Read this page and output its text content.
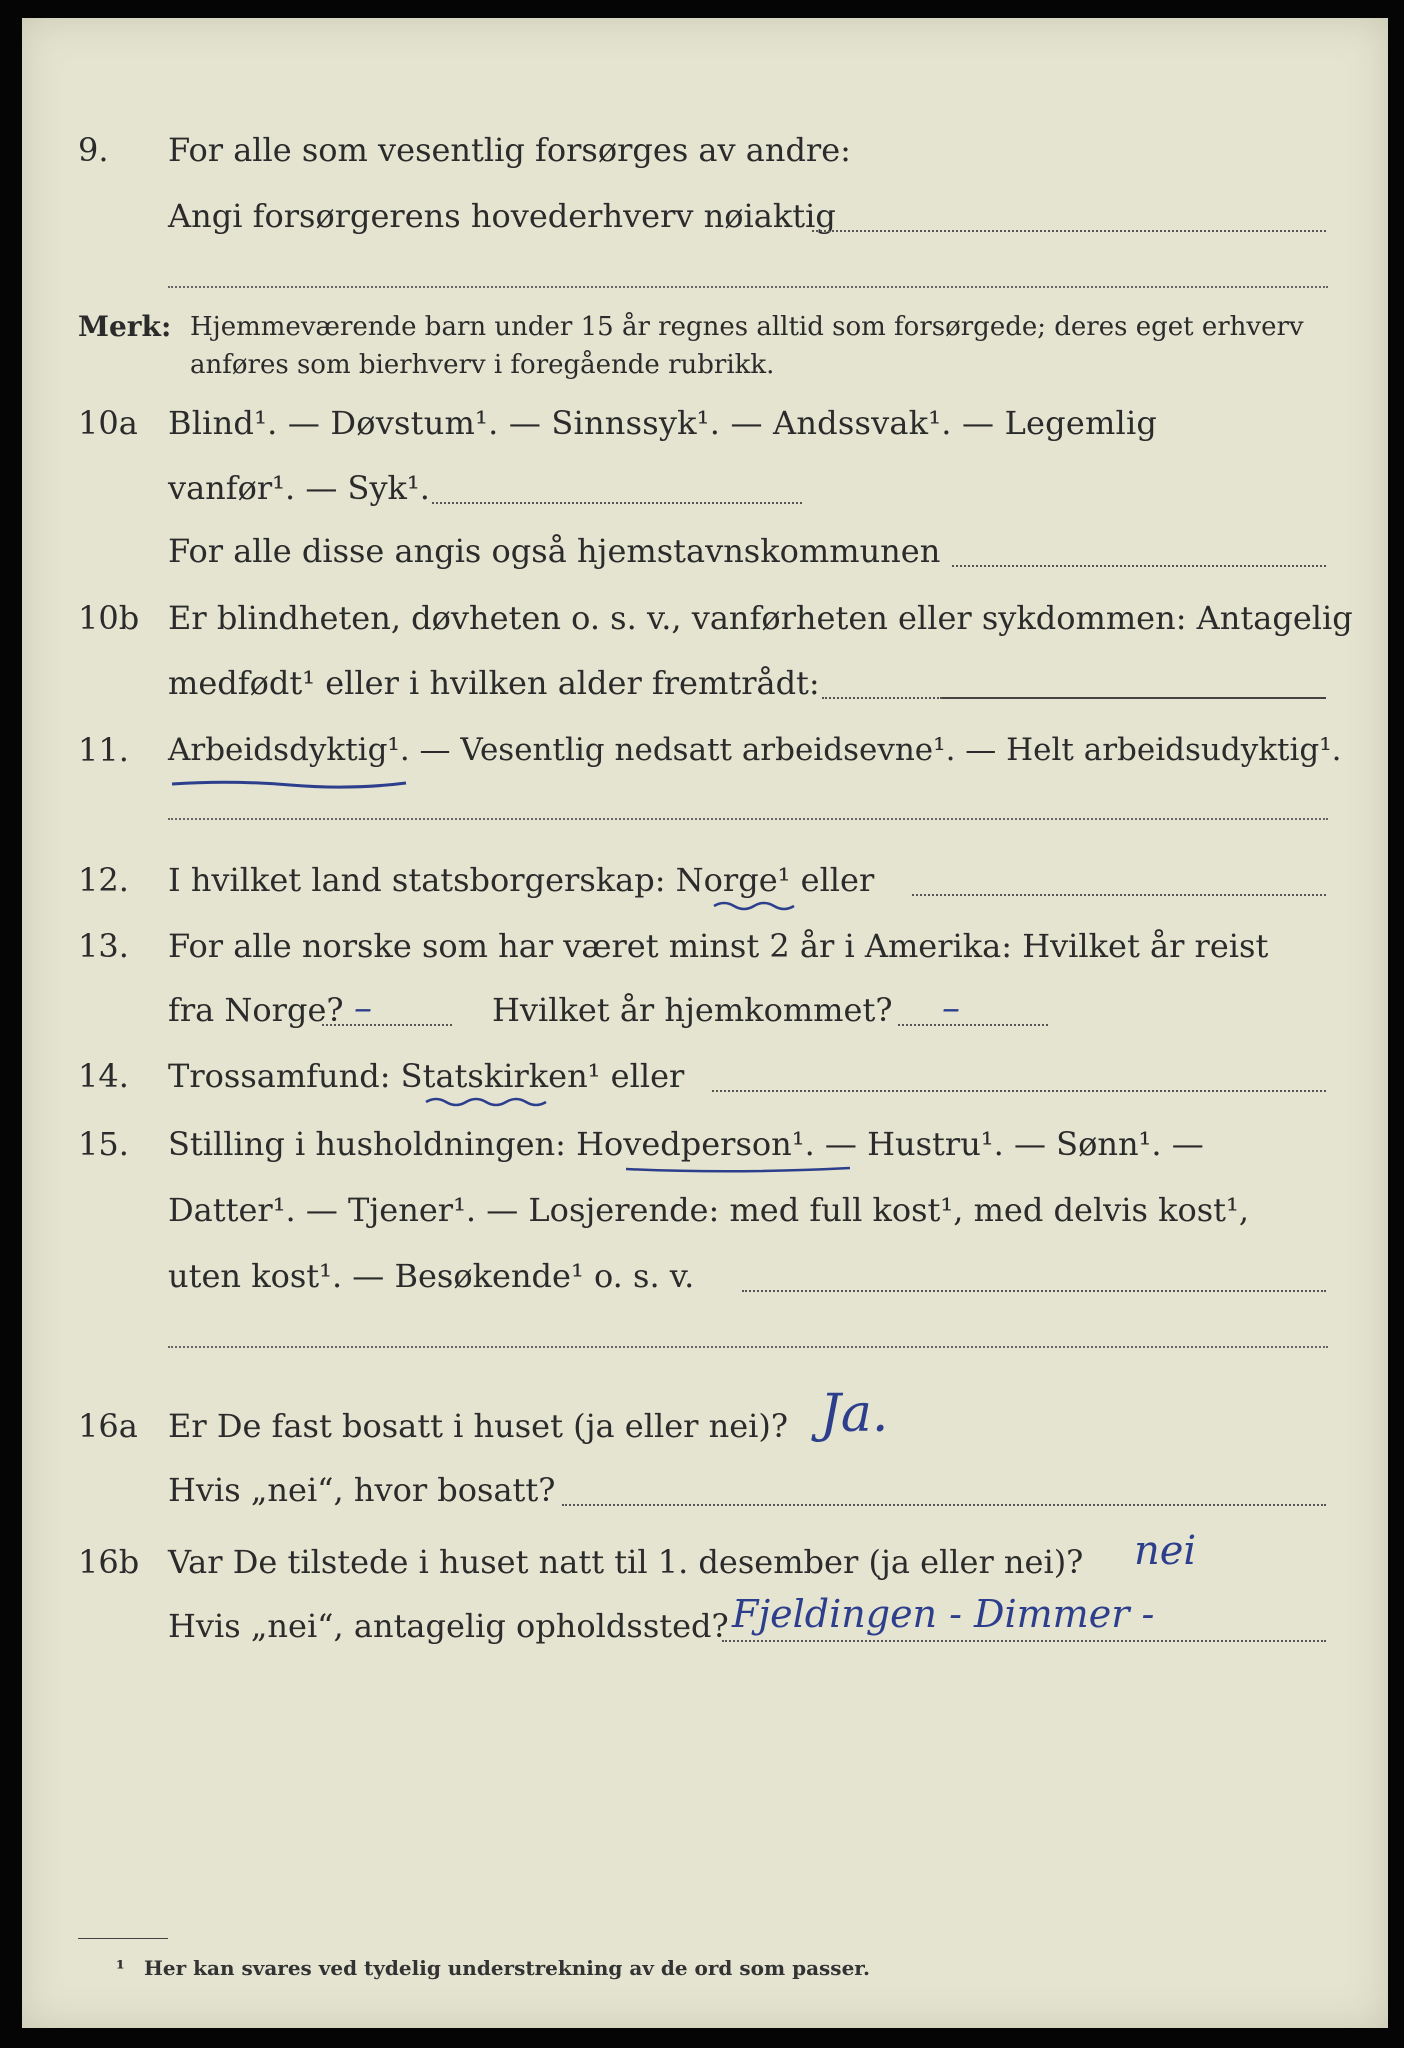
9.	For alle som vesentlig forsørges av andre:
Angi forsørgerens hovederhverv nøiaktig
Merk: Hjemmeværende barn under 15 år regnes alltid som forsørgede; deres eget erhverv
anføres som bierhverv i foregående rubrikk.
10a Blind¹. — Døvstum¹. — Sinnssyk¹. — Andssvak¹. — Legemlig
vanfør¹. — Syk¹.
For alle disse angis også hjemstavnskommunen
10b Er blindheten, døvheten o. s. v., vanførheten eller sykdommen: Antagelig
medfødt¹ eller i hvilken alder fremtrådt:
11.	Arbeidsdyktig¹. — Vesentlig nedsatt arbeidsevne¹. — Helt arbeidsudyktig¹.
12.	I hvilket land statsborgerskap: Norge¹ eller
13.	For alle norske som har været minst 2 år i Amerika: Hvilket år reist
fra Norge?	Hvilket år hjemkommet?
–	–
14.	Trossamfund: Statskirken¹ eller
15.	Stilling i husholdningen: Hovedperson¹. — Hustru¹. — Sønn¹. —
Datter¹. — Tjener¹. — Losjerende: med full kost¹, med delvis kost¹,
uten kost¹. — Besøkende¹ o. s. v.
16a Er De fast bosatt i huset (ja eller nei)? Ja.
Hvis „nei“, hvor bosatt?
16b Var De tilstede i huset natt til 1. desember (ja eller nei)? nei
Hvis „nei“, antagelig opholdssted? Fjeldingen - Dimmer -
¹ Her kan svares ved tydelig understrekning av de ord som passer.
